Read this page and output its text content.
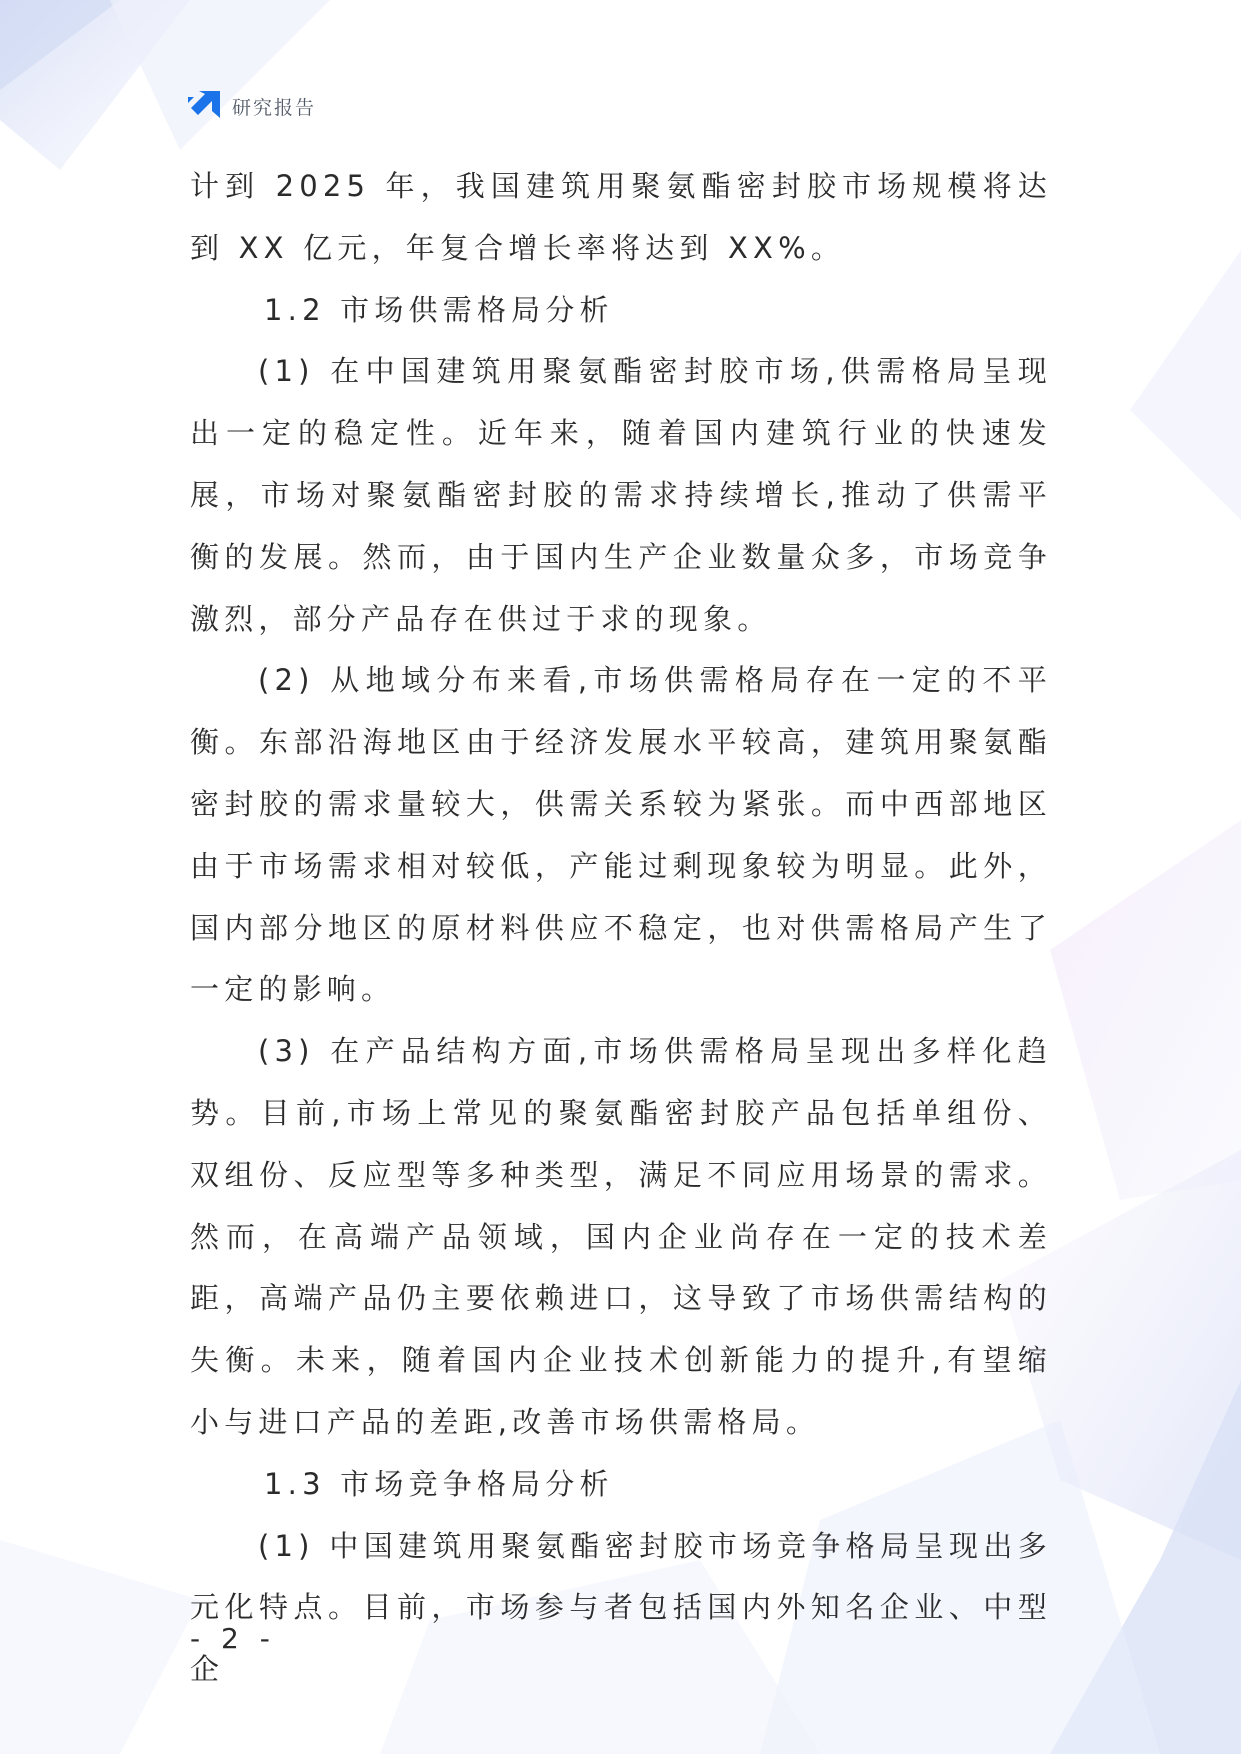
研究报告

计到 2025 年，我国建筑用聚氨酯密封胶市场规模将达到 XX 亿元，年复合增长率将达到 XX%。

1.2 市场供需格局分析

(1) 在中国建筑用聚氨酯密封胶市场,供需格局呈现出一定的稳定性。近年来，随着国内建筑行业的快速发展，市场对聚氨酯密封胶的需求持续增长,推动了供需平衡的发展。然而，由于国内生产企业数量众多，市场竞争激烈，部分产品存在供过于求的现象。

(2) 从地域分布来看,市场供需格局存在一定的不平衡。东部沿海地区由于经济发展水平较高，建筑用聚氨酯密封胶的需求量较大，供需关系较为紧张。而中西部地区由于市场需求相对较低，产能过剩现象较为明显。此外，国内部分地区的原材料供应不稳定，也对供需格局产生了一定的影响。

(3) 在产品结构方面,市场供需格局呈现出多样化趋势。目前,市场上常见的聚氨酯密封胶产品包括单组份、双组份、反应型等多种类型，满足不同应用场景的需求。然而，在高端产品领域，国内企业尚存在一定的技术差距，高端产品仍主要依赖进口，这导致了市场供需结构的失衡。未来，随着国内企业技术创新能力的提升,有望缩小与进口产品的差距,改善市场供需格局。

1.3 市场竞争格局分析

(1) 中国建筑用聚氨酯密封胶市场竞争格局呈现出多元化特点。目前，市场参与者包括国内外知名企业、中型企

- 2 -
